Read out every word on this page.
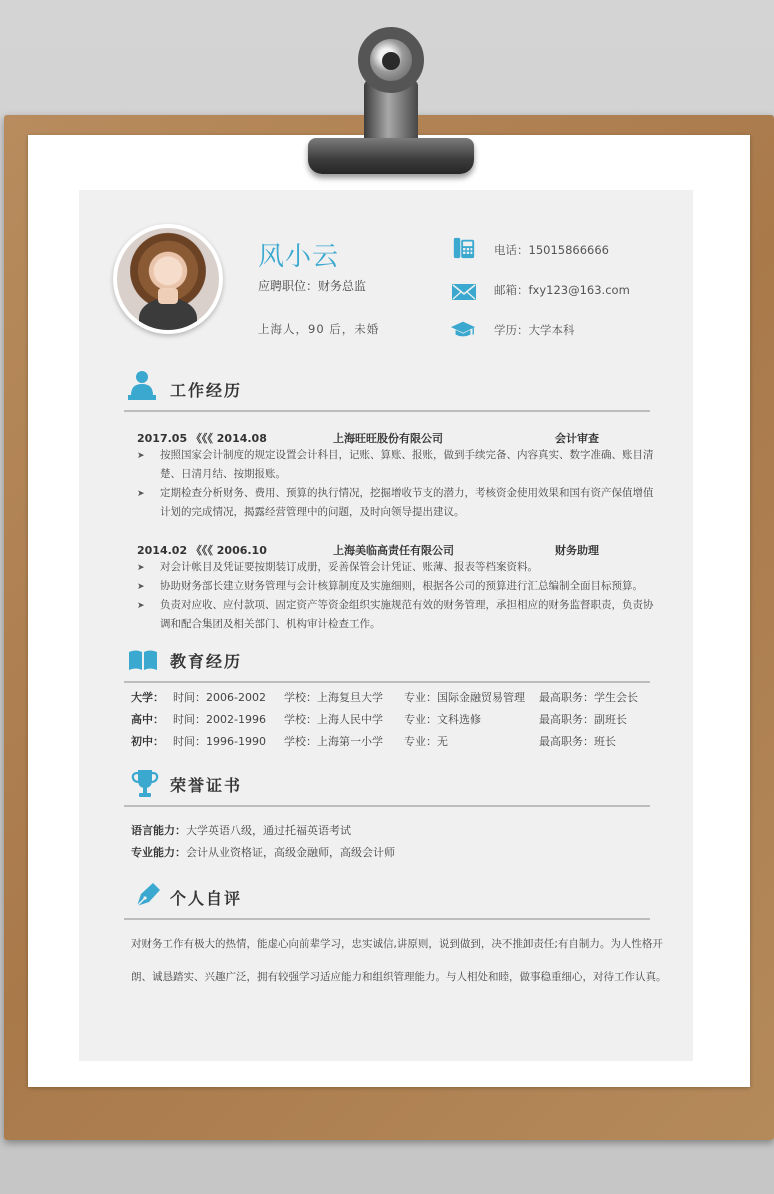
风小云
应聘职位：财务总监
上海人，90 后，未婚
电话：15015866666
邮箱：fxy123@163.com
学历：大学本科
工作经历
2017.05 《《《 2014.08	上海旺旺股份有限公司	会计审查
➤ 按照国家会计制度的规定设置会计科目，记账、算账、报账，做到手续完备、内容真实、数字准确、账目清楚、日清月结、按期报账。
➤ 定期检查分析财务、费用、预算的执行情况，挖掘增收节支的潜力，考核资金使用效果和国有资产保值增值计划的完成情况，揭露经营管理中的问题，及时向领导提出建议。
2014.02 《《《 2006.10	上海美临高责任有限公司	财务助理
➤ 对会计帐目及凭证要按期装订成册，妥善保管会计凭证、账薄、报表等档案资料。
➤ 协助财务部长建立财务管理与会计核算制度及实施细则，根据各公司的预算进行汇总编制全面目标预算。
➤ 负责对应收、应付款项、固定资产等资金组织实施规范有效的财务管理，承担相应的财务监督职责，负责协调和配合集团及相关部门、机构审计检查工作。
教育经历
大学： 时间：2006-2002 学校：上海复旦大学 专业：国际金融贸易管理 最高职务：学生会长
高中： 时间：2002-1996 学校：上海人民中学 专业：文科选修	最高职务：副班长
初中： 时间：1996-1990 学校：上海第一小学 专业：无	最高职务：班长
荣誉证书
语言能力：大学英语八级，通过托福英语考试
专业能力：会计从业资格证，高级金融师，高级会计师
个人自评
对财务工作有极大的热情，能虚心向前辈学习，忠实诚信,讲原则，说到做到，决不推卸责任;有自制力。为人性格开朗、诚恳踏实、兴趣广泛，拥有较强学习适应能力和组织管理能力。与人相处和睦，做事稳重细心，对待工作认真。
